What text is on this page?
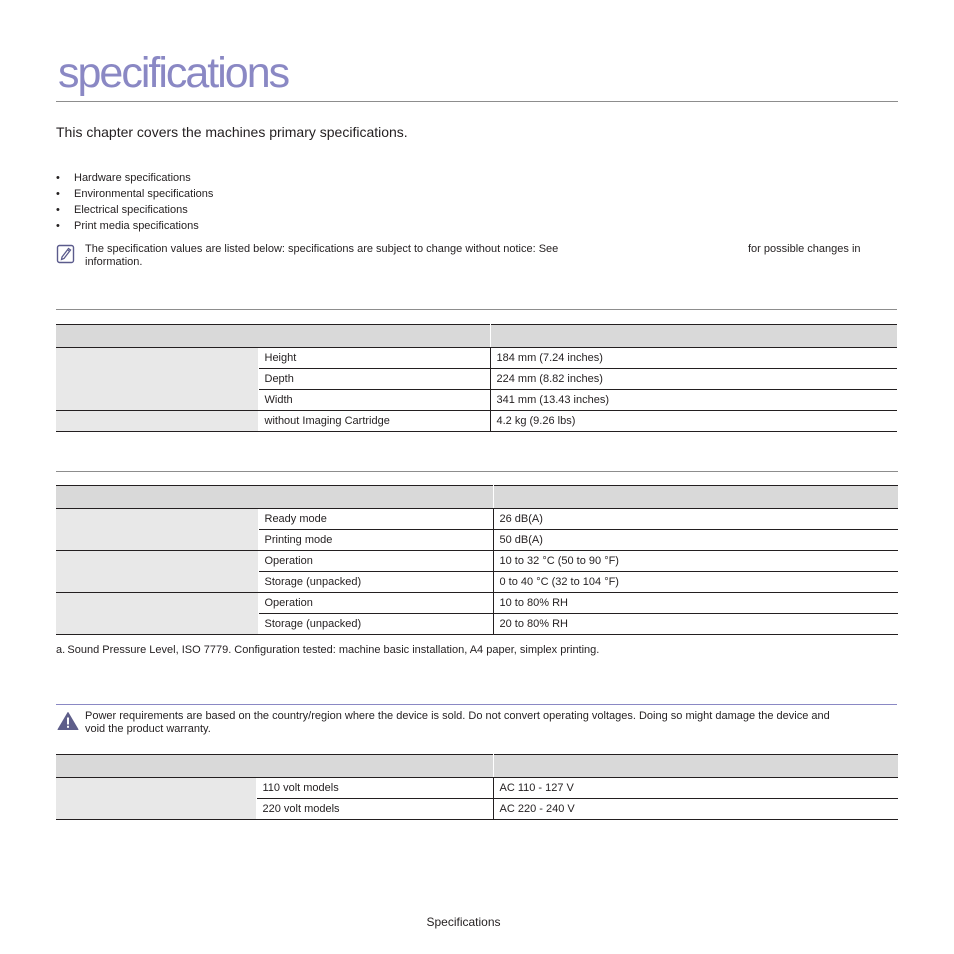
specifications

This chapter covers the machines primary specifications.

• Hardware specifications
• Environmental specifications
• Electrical specifications
• Print media specifications
The specification values are listed below: specifications are subject to change without notice: See	for possible changes in
information.

	Height	184 mm (7.24 inches)
	Depth	224 mm (8.82 inches)
	Width	341 mm (13.43 inches)
	without Imaging Cartridge	4.2 kg (9.26 lbs)

	Ready mode	26 dB(A)
	Printing mode	50 dB(A)
	Operation	10 to 32 °C (50 to 90 °F)
	Storage (unpacked)	0 to 40 °C (32 to 104 °F)
	Operation	10 to 80% RH
	Storage (unpacked)	20 to 80% RH
a. Sound Pressure Level, ISO 7779. Configuration tested: machine basic installation, A4 paper, simplex printing.
Power requirements are based on the country/region where the device is sold. Do not convert operating voltages. Doing so might damage the device and
void the product warranty.

	110 volt models	AC 110 - 127 V
	220 volt models	AC 220 - 240 V
Specifications
